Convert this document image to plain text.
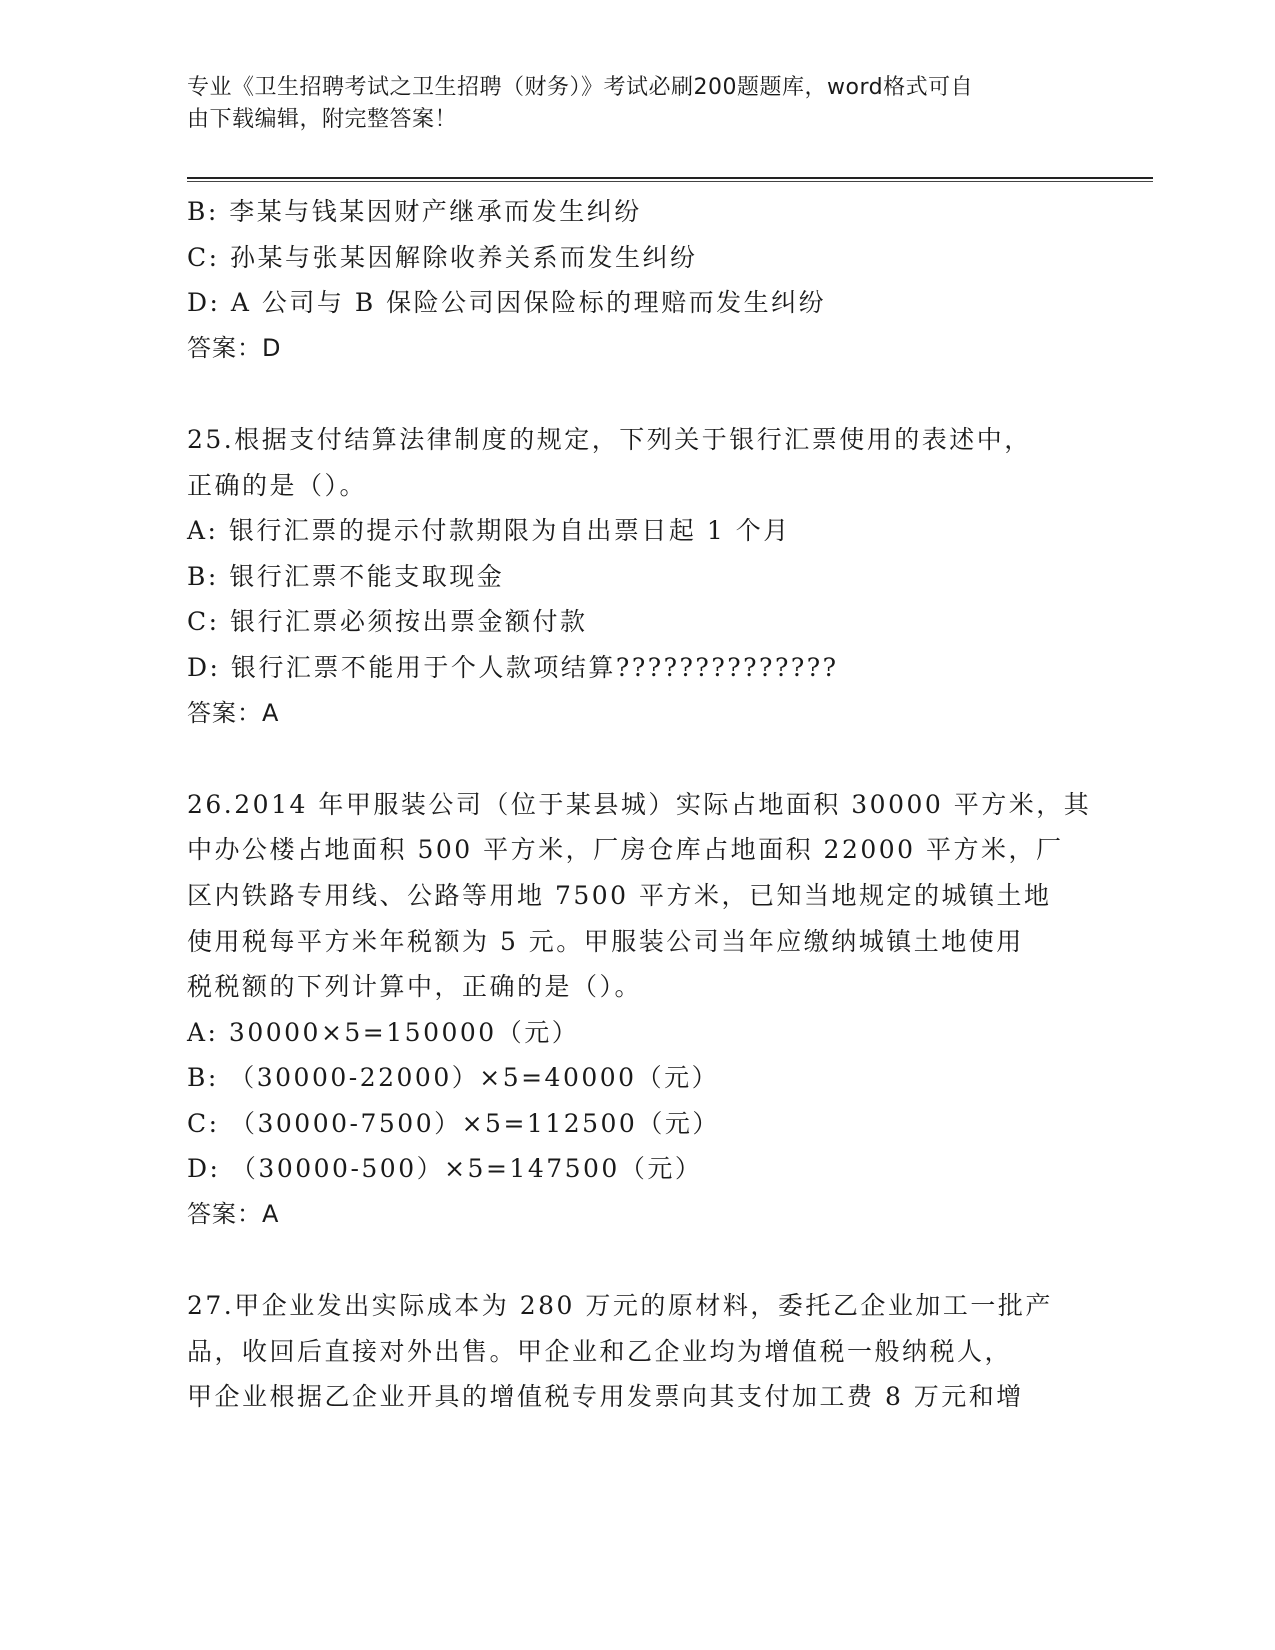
专业《卫生招聘考试之卫生招聘（财务）》考试必刷200题题库，word格式可自
由下载编辑，附完整答案！
B: 李某与钱某因财产继承而发生纠纷
C: 孙某与张某因解除收养关系而发生纠纷
D: A 公司与 B 保险公司因保险标的理赔而发生纠纷
答案：D
25.根据支付结算法律制度的规定，下列关于银行汇票使用的表述中，
正确的是（）。
A: 银行汇票的提示付款期限为自出票日起 1 个月
B: 银行汇票不能支取现金
C: 银行汇票必须按出票金额付款
D: 银行汇票不能用于个人款项结算??????????????
答案：A
26.2014 年甲服装公司（位于某县城）实际占地面积 30000 平方米，其
中办公楼占地面积 500 平方米，厂房仓库占地面积 22000 平方米，厂
区内铁路专用线、公路等用地 7500 平方米，已知当地规定的城镇土地
使用税每平方米年税额为 5 元。甲服装公司当年应缴纳城镇土地使用
税税额的下列计算中，正确的是（）。
A: 30000×5=150000（元）
B: （30000-22000）×5=40000（元）
C: （30000-7500）×5=112500（元）
D: （30000-500）×5=147500（元）
答案：A
27.甲企业发出实际成本为 280 万元的原材料，委托乙企业加工一批产
品，收回后直接对外出售。甲企业和乙企业均为增值税一般纳税人，
甲企业根据乙企业开具的增值税专用发票向其支付加工费 8 万元和增
